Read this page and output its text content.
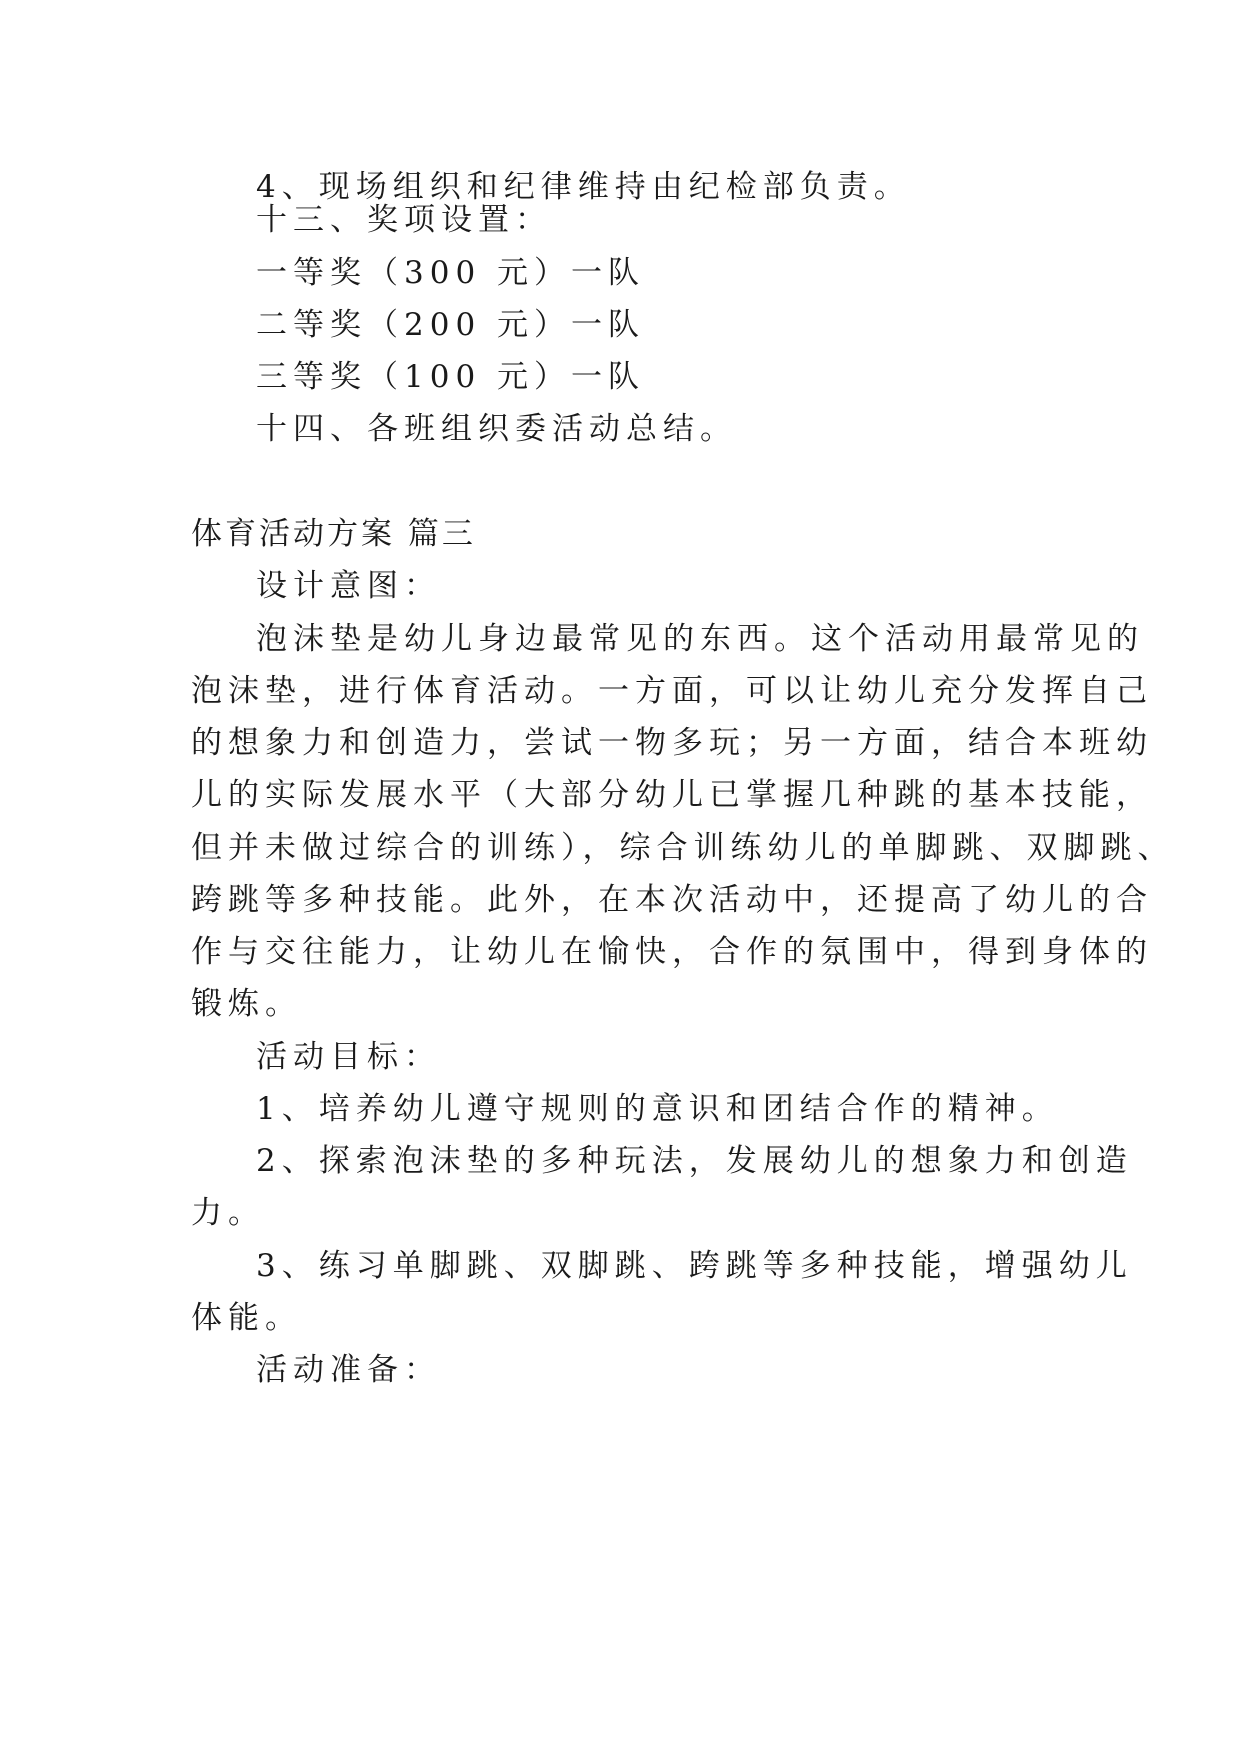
4、现场组织和纪律维持由纪检部负责。
十三、奖项设置：
一等奖（300 元）一队
二等奖（200 元）一队
三等奖（100 元）一队
十四、各班组织委活动总结。
体育活动方案 篇三
设计意图：
泡沫垫是幼儿身边最常见的东西。这个活动用最常见的
泡沫垫，进行体育活动。一方面，可以让幼儿充分发挥自己
的想象力和创造力，尝试一物多玩；另一方面，结合本班幼
儿的实际发展水平（大部分幼儿已掌握几种跳的基本技能，
但并未做过综合的训练），综合训练幼儿的单脚跳、双脚跳、
跨跳等多种技能。此外，在本次活动中，还提高了幼儿的合
作与交往能力，让幼儿在愉快，合作的氛围中，得到身体的
锻炼。
活动目标：
1、培养幼儿遵守规则的意识和团结合作的精神。
2、探索泡沫垫的多种玩法，发展幼儿的想象力和创造
力。
3、练习单脚跳、双脚跳、跨跳等多种技能，增强幼儿
体能。
活动准备：
